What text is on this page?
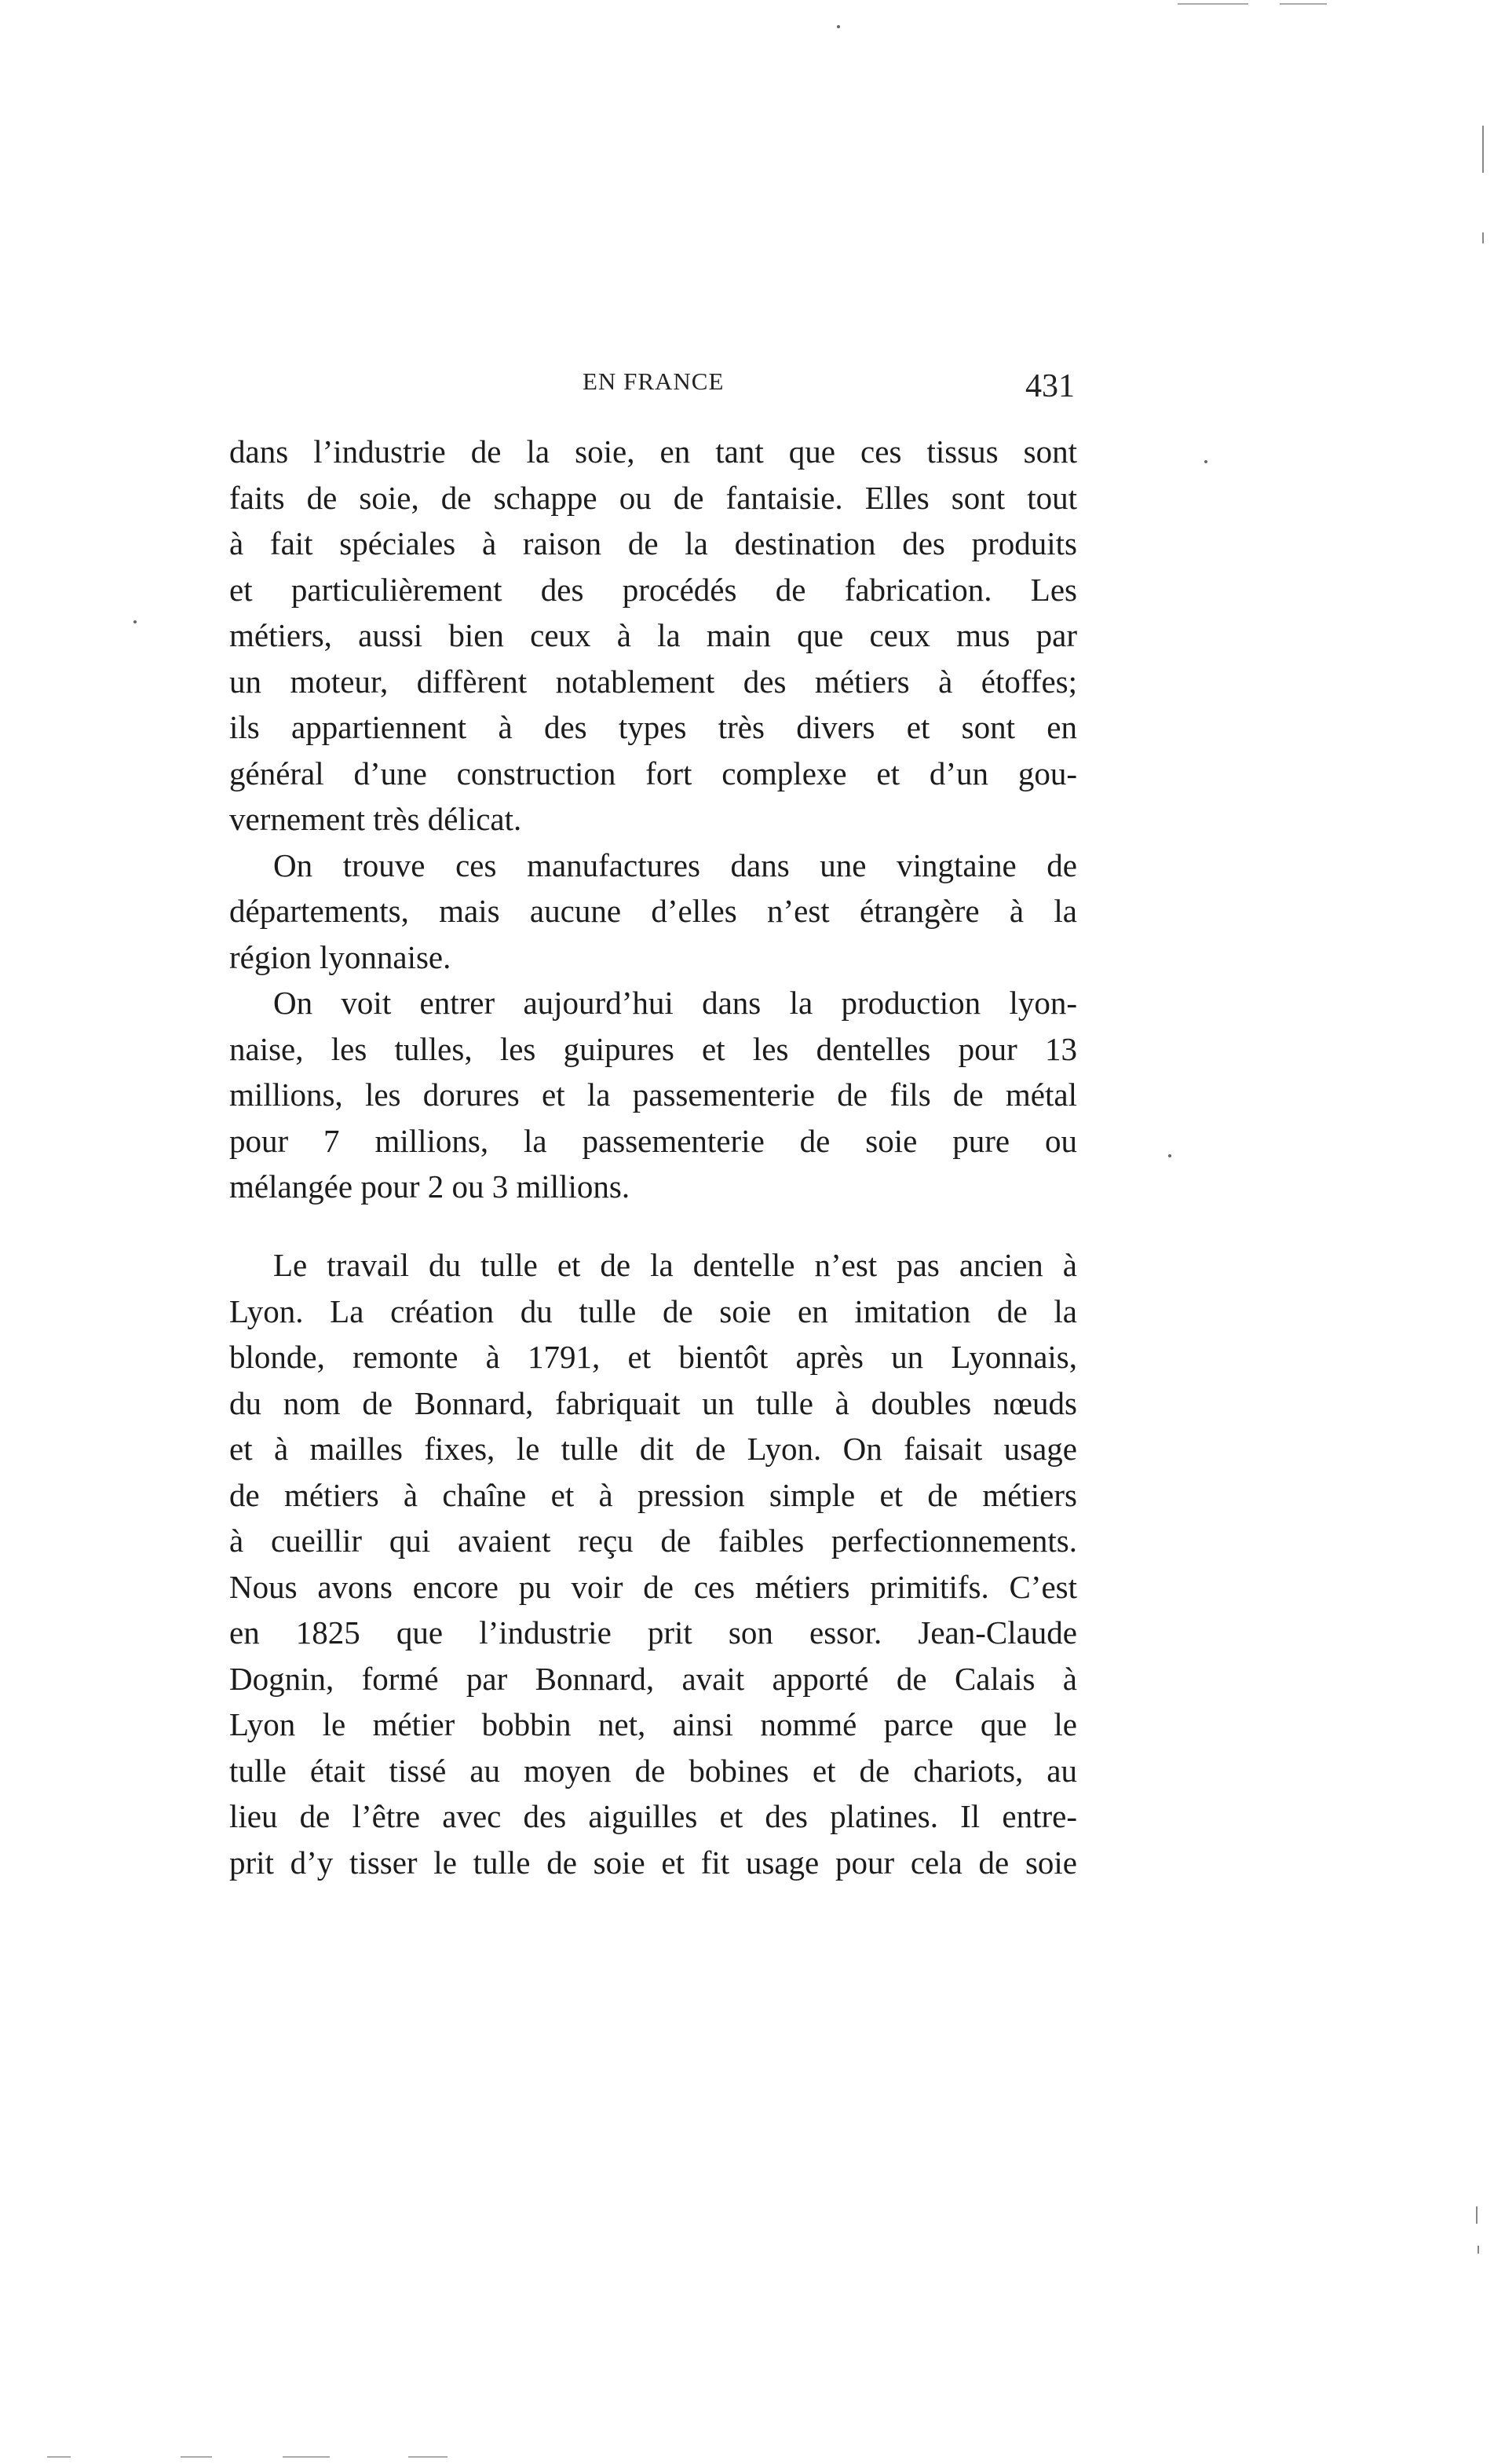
EN FRANCE	431
dans l’industrie de la soie, en tant que ces tissus sont
faits de soie, de schappe ou de fantaisie. Elles sont tout
à fait spéciales à raison de la destination des produits
et particulièrement des procédés de fabrication. Les
métiers, aussi bien ceux à la main que ceux mus par
un moteur, diffèrent notablement des métiers à étoffes;
ils appartiennent à des types très divers et sont en
général d’une construction fort complexe et d’un gou-
vernement très délicat.
On trouve ces manufactures dans une vingtaine de
départements, mais aucune d’elles n’est étrangère à la
région lyonnaise.
On voit entrer aujourd’hui dans la production lyon-
naise, les tulles, les guipures et les dentelles pour 13
millions, les dorures et la passementerie de fils de métal
pour 7 millions, la passementerie de soie pure ou
mélangée pour 2 ou 3 millions.
Le travail du tulle et de la dentelle n’est pas ancien à
Lyon. La création du tulle de soie en imitation de la
blonde, remonte à 1791, et bientôt après un Lyonnais,
du nom de Bonnard, fabriquait un tulle à doubles nœuds
et à mailles fixes, le tulle dit de Lyon. On faisait usage
de métiers à chaîne et à pression simple et de métiers
à cueillir qui avaient reçu de faibles perfectionnements.
Nous avons encore pu voir de ces métiers primitifs. C’est
en 1825 que l’industrie prit son essor. Jean-Claude
Dognin, formé par Bonnard, avait apporté de Calais à
Lyon le métier bobbin net, ainsi nommé parce que le
tulle était tissé au moyen de bobines et de chariots, au
lieu de l’être avec des aiguilles et des platines. Il entre-
prit d’y tisser le tulle de soie et fit usage pour cela de soie
